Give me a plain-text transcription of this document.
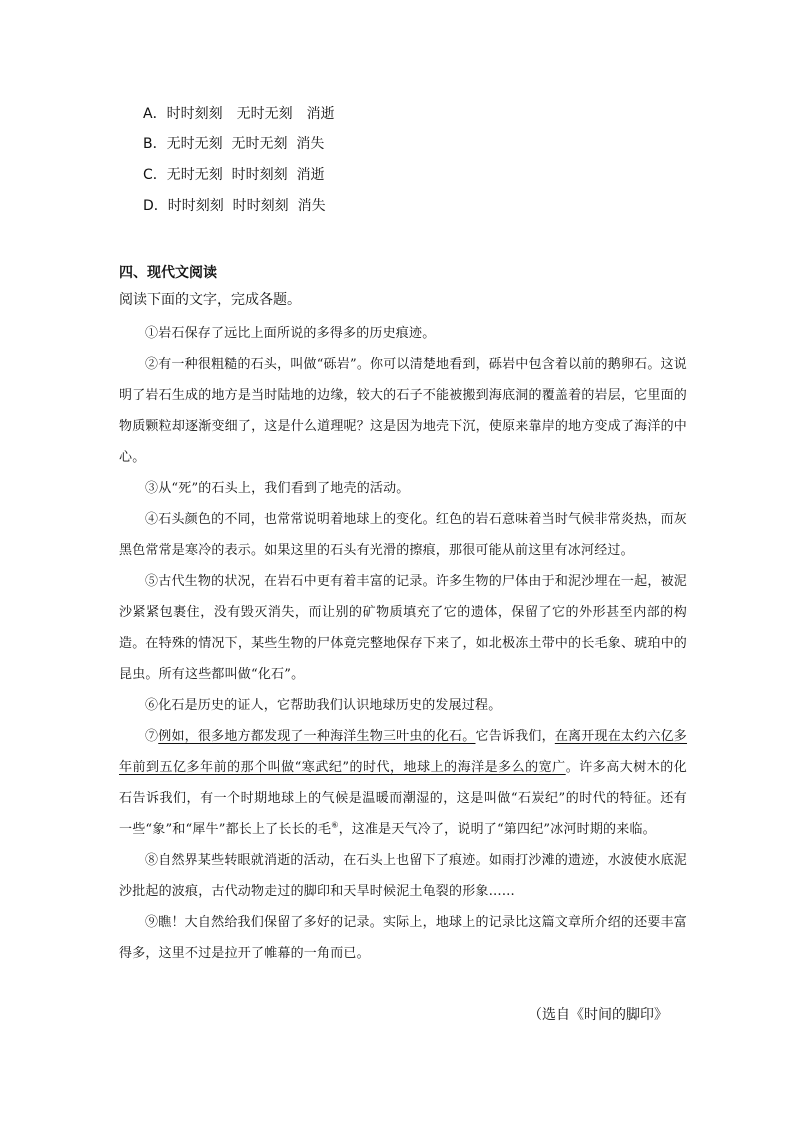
A．时时刻刻　无时无刻　消逝
B．无时无刻  无时无刻  消失
C．无时无刻  时时刻刻  消逝
D．时时刻刻  时时刻刻  消失
四、现代文阅读
阅读下面的文字，完成各题。

①岩石保存了远比上面所说的多得多的历史痕迹。

②有一种很粗糙的石头，叫做“砾岩”。你可以清楚地看到，砾岩中包含着以前的鹅卵石。这说明了岩石生成的地方是当时陆地的边缘，较大的石子不能被搬到海底洞的覆盖着的岩层，它里面的物质颗粒却逐渐变细了，这是什么道理呢？这是因为地壳下沉，使原来靠岸的地方变成了海洋的中心。

③从“死”的石头上，我们看到了地壳的活动。

④石头颜色的不同，也常常说明着地球上的变化。红色的岩石意味着当时气候非常炎热，而灰黑色常常是寒冷的表示。如果这里的石头有光滑的擦痕，那很可能从前这里有冰河经过。

⑤古代生物的状况，在岩石中更有着丰富的记录。许多生物的尸体由于和泥沙埋在一起，被泥沙紧紧包裹住，没有毁灭消失，而让别的矿物质填充了它的遗体，保留了它的外形甚至内部的构造。在特殊的情况下，某些生物的尸体竟完整地保存下来了，如北极冻土带中的长毛象、琥珀中的昆虫。所有这些都叫做“化石”。

⑥化石是历史的证人，它帮助我们认识地球历史的发展过程。

⑦例如，很多地方都发现了一种海洋生物三叶虫的化石。它告诉我们，在离开现在太约六亿多年前到五亿多年前的那个叫做“寒武纪”的时代，地球上的海洋是多么的宽广。许多高大树木的化石告诉我们，有一个时期地球上的气候是温暖而潮湿的，这是叫做“石炭纪”的时代的特征。还有一些“象”和“犀牛”都长上了长长的毛⑥，这准是天气冷了，说明了“第四纪”冰河时期的来临。

⑧自然界某些转眼就消逝的活动，在石头上也留下了痕迹。如雨打沙滩的遗迹，水波使水底泥沙批起的波痕，古代动物走过的脚印和天旱时候泥土龟裂的形象……

⑨瞧！大自然给我们保留了多好的记录。实际上，地球上的记录比这篇文章所介绍的还要丰富得多，这里不过是拉开了帷幕的一角而已。

（选自《时间的脚印》
